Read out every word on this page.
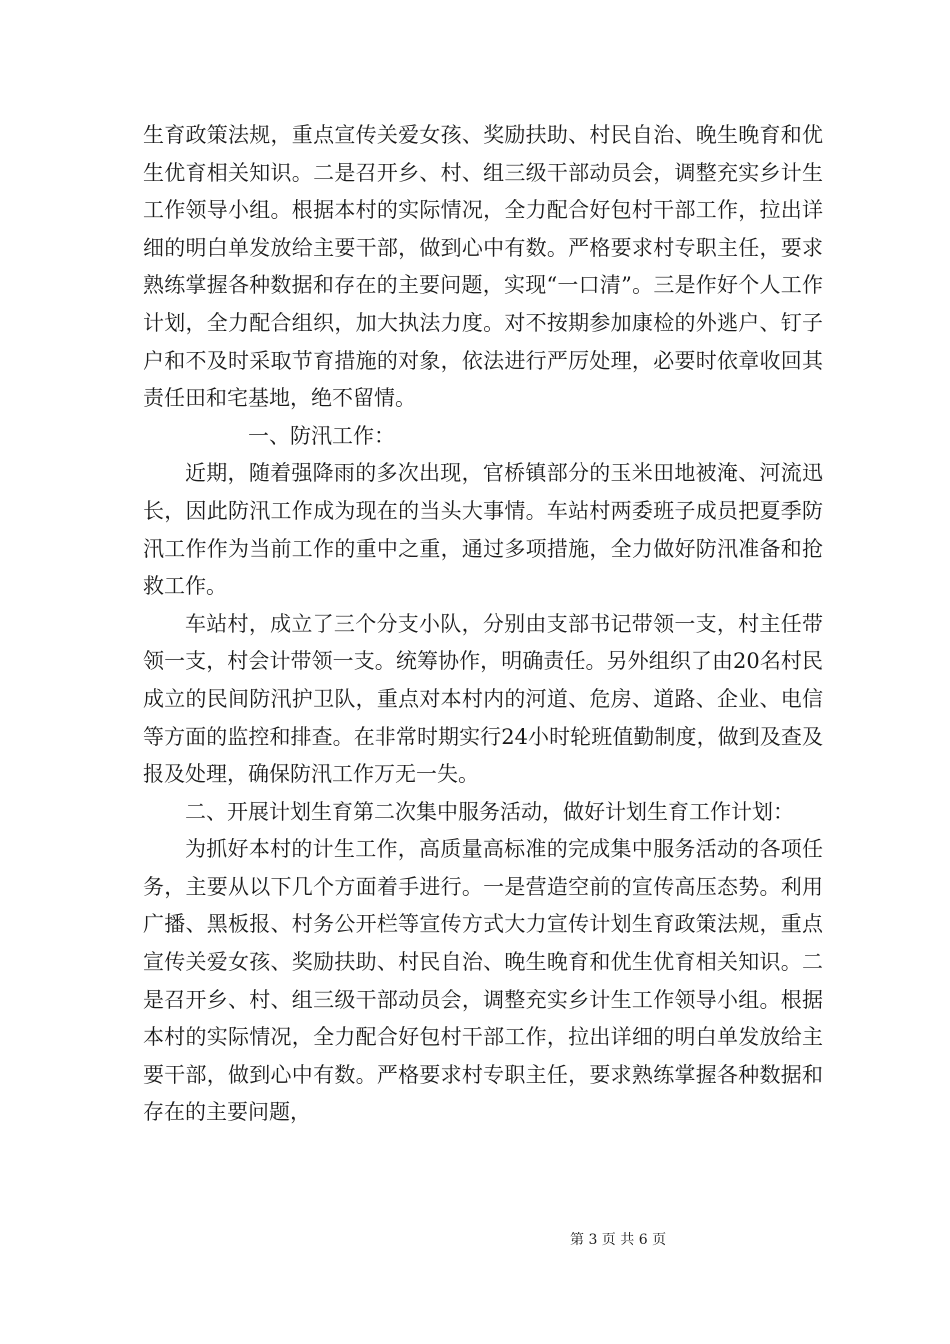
生育政策法规，重点宣传关爱女孩、奖励扶助、村民自治、晚生晚育和优生优育相关知识。二是召开乡、村、组三级干部动员会，调整充实乡计生工作领导小组。根据本村的实际情况，全力配合好包村干部工作，拉出详细的明白单发放给主要干部，做到心中有数。严格要求村专职主任，要求熟练掌握各种数据和存在的主要问题，实现“一口清”。三是作好个人工作计划，全力配合组织，加大执法力度。对不按期参加康检的外逃户、钉子户和不及时采取节育措施的对象，依法进行严厉处理，必要时依章收回其责任田和宅基地，绝不留情。

一、防汛工作：

近期，随着强降雨的多次出现，官桥镇部分的玉米田地被淹、河流迅长，因此防汛工作成为现在的当头大事情。车站村两委班子成员把夏季防汛工作作为当前工作的重中之重，通过多项措施，全力做好防汛准备和抢救工作。

车站村，成立了三个分支小队，分别由支部书记带领一支，村主任带领一支，村会计带领一支。统筹协作，明确责任。另外组织了由20名村民成立的民间防汛护卫队，重点对本村内的河道、危房、道路、企业、电信等方面的监控和排查。在非常时期实行24小时轮班值勤制度，做到及查及报及处理，确保防汛工作万无一失。

二、开展计划生育第二次集中服务活动，做好计划生育工作计划：

为抓好本村的计生工作，高质量高标准的完成集中服务活动的各项任务，主要从以下几个方面着手进行。一是营造空前的宣传高压态势。利用广播、黑板报、村务公开栏等宣传方式大力宣传计划生育政策法规，重点宣传关爱女孩、奖励扶助、村民自治、晚生晚育和优生优育相关知识。二是召开乡、村、组三级干部动员会，调整充实乡计生工作领导小组。根据本村的实际情况，全力配合好包村干部工作，拉出详细的明白单发放给主要干部，做到心中有数。严格要求村专职主任，要求熟练掌握各种数据和存在的主要问题，

第 3 页 共 6 页
